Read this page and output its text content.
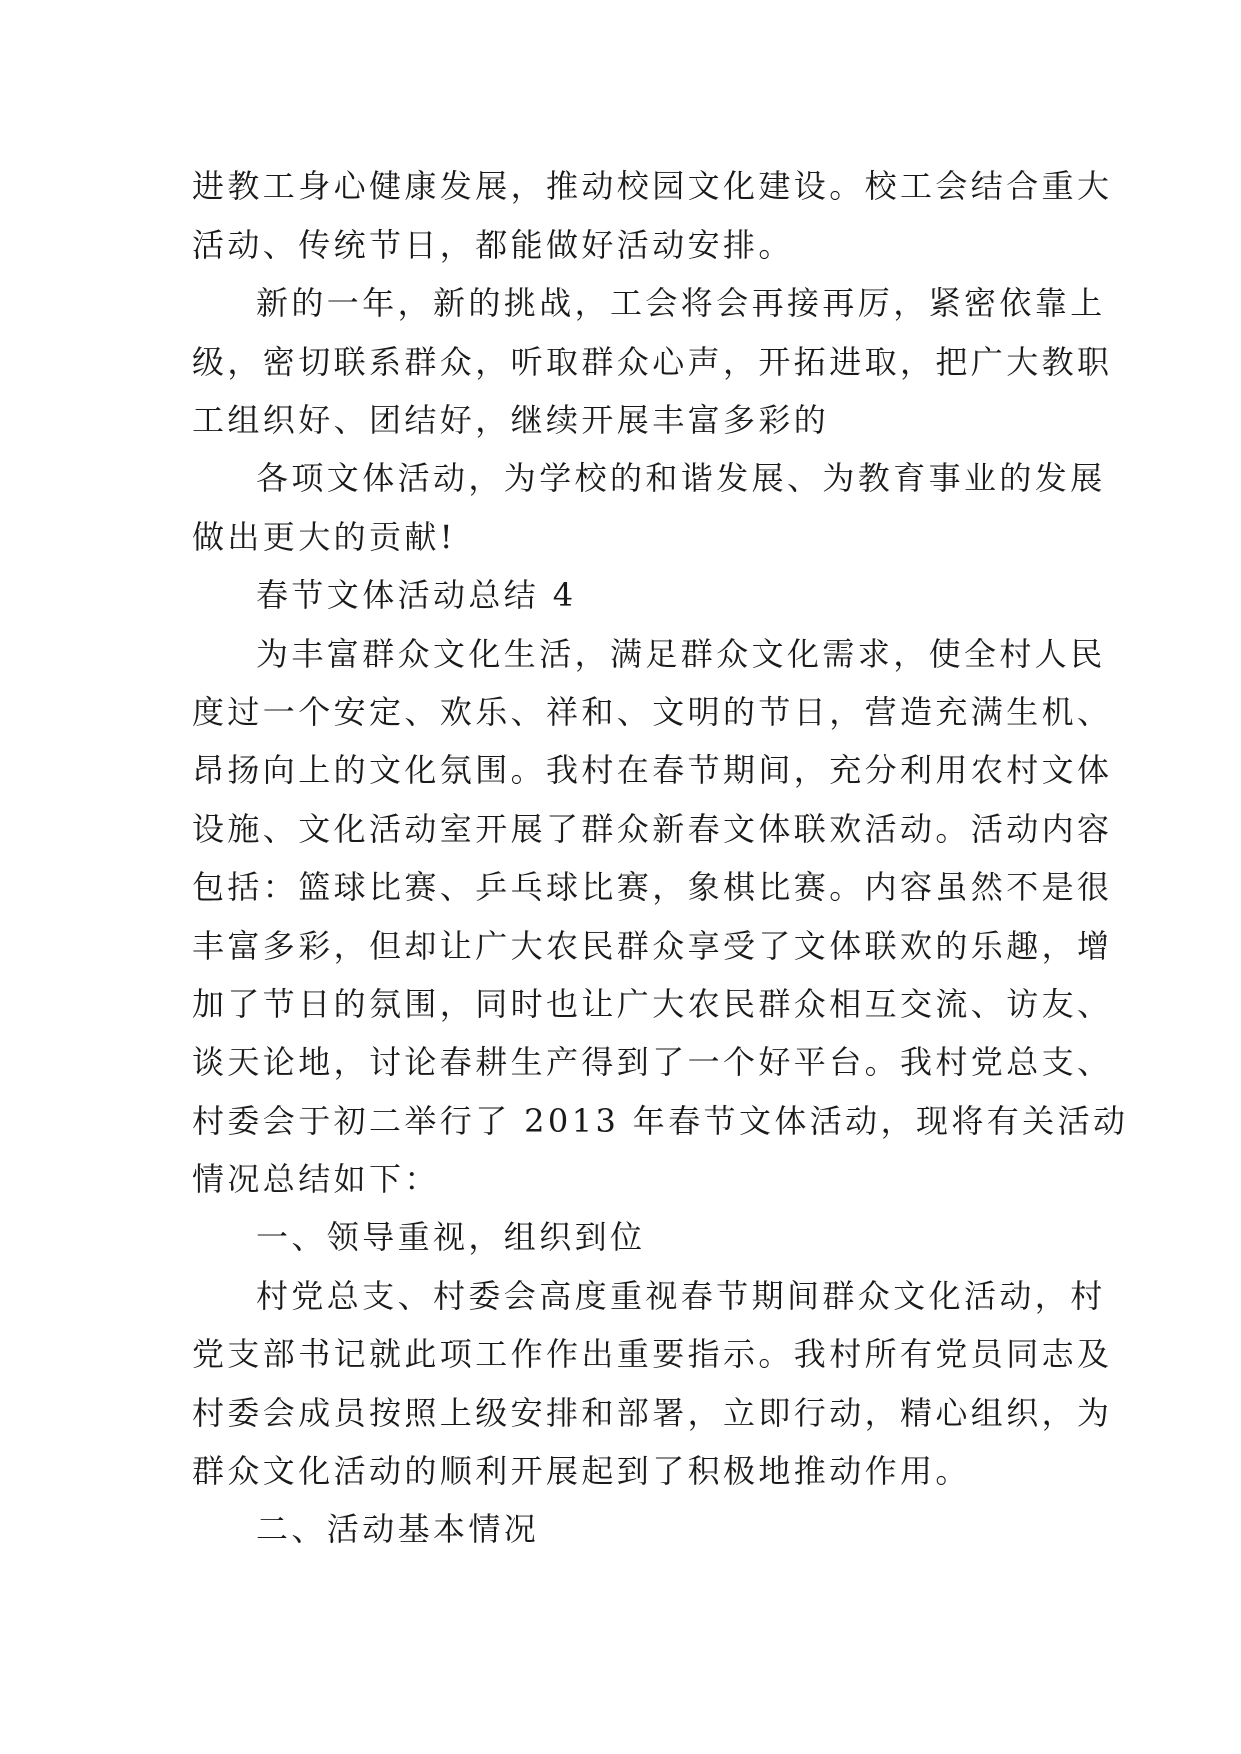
进教工身心健康发展，推动校园文化建设。校工会结合重大
活动、传统节日，都能做好活动安排。
新的一年，新的挑战，工会将会再接再厉，紧密依靠上
级，密切联系群众，听取群众心声，开拓进取，把广大教职
工组织好、团结好，继续开展丰富多彩的
各项文体活动，为学校的和谐发展、为教育事业的发展
做出更大的贡献!
春节文体活动总结 4
为丰富群众文化生活，满足群众文化需求，使全村人民
度过一个安定、欢乐、祥和、文明的节日，营造充满生机、
昂扬向上的文化氛围。我村在春节期间，充分利用农村文体
设施、文化活动室开展了群众新春文体联欢活动。活动内容
包括：篮球比赛、乒乓球比赛，象棋比赛。内容虽然不是很
丰富多彩，但却让广大农民群众享受了文体联欢的乐趣，增
加了节日的氛围，同时也让广大农民群众相互交流、访友、
谈天论地，讨论春耕生产得到了一个好平台。我村党总支、
村委会于初二举行了 2013 年春节文体活动，现将有关活动
情况总结如下：
一、领导重视，组织到位
村党总支、村委会高度重视春节期间群众文化活动，村
党支部书记就此项工作作出重要指示。我村所有党员同志及
村委会成员按照上级安排和部署，立即行动，精心组织，为
群众文化活动的顺利开展起到了积极地推动作用。
二、活动基本情况
